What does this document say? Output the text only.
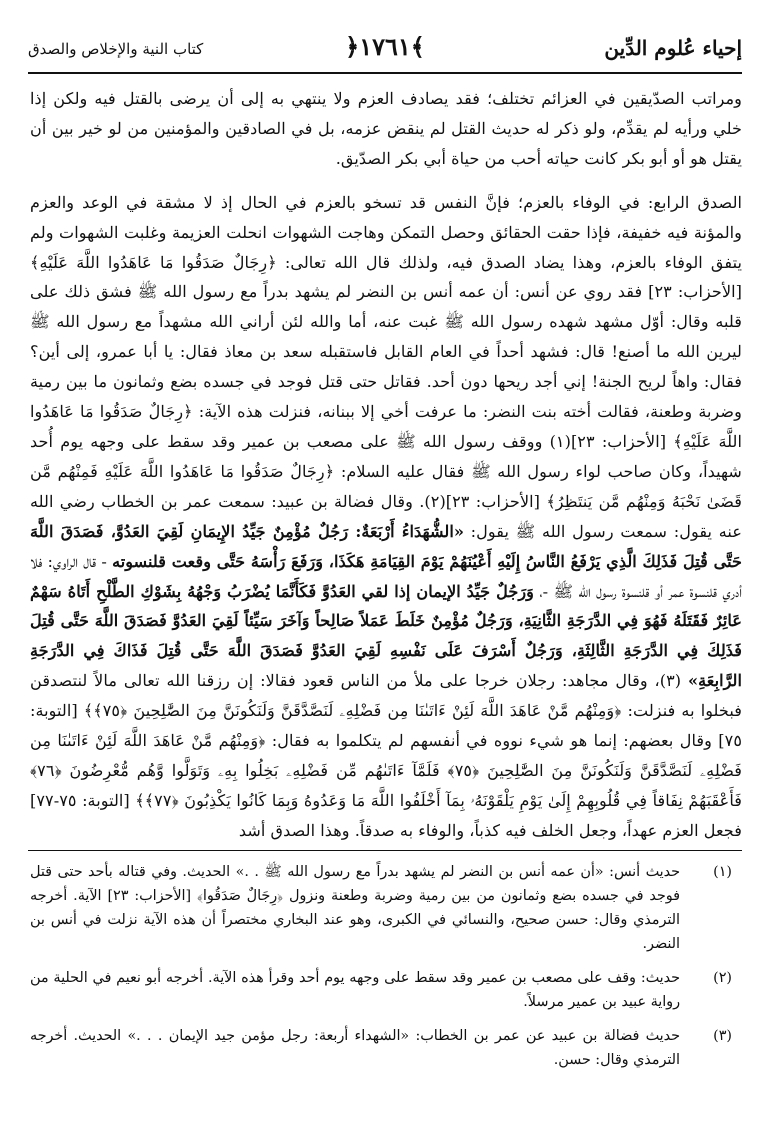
إحياء عُلوم الدِّين
﴿١٧٦١﴾
كتاب النية والإخلاص والصدق

ومراتب الصدّيقين في العزائم تختلف؛ فقد يصادف العزم ولا ينتهي به إلى أن يرضى بالقتل فيه ولكن إذا خلي ورأيه لم يقدِّم، ولو ذكر له حديث القتل لم ينقض عزمه، بل في الصادقين والمؤمنين من لو خير بين أن يقتل هو أو أبو بكر كانت حياته أحب من حياة أبي بكر الصدّيق.

الصدق الرابع: في الوفاء بالعزم؛ فإنَّ النفس قد تسخو بالعزم في الحال إذ لا مشقة في الوعد والعزم والمؤنة فيه خفيفة، فإذا حقت الحقائق وحصل التمكن وهاجت الشهوات انحلت العزيمة وغلبت الشهوات ولم يتفق الوفاء بالعزم، وهذا يضاد الصدق فيه، ولذلك قال الله تعالى: ﴿رِجَالٌ صَدَقُوا مَا عَاهَدُوا اللَّهَ عَلَيْهِ﴾ [الأحزاب: ٢٣] فقد روي عن أنس: أن عمه أنس بن النضر لم يشهد بدراً مع رسول الله ﷺ فشق ذلك على قلبه وقال: أوّل مشهد شهده رسول الله ﷺ غبت عنه، أما والله لئن أراني الله مشهداً مع رسول الله ﷺ ليرين الله ما أصنع! قال: فشهد أحداً في العام القابل فاستقبله سعد بن معاذ فقال: يا أبا عمرو، إلى أين؟ فقال: واهاً لريح الجنة! إني أجد ريحها دون أحد. فقاتل حتى قتل فوجد في جسده بضع وثمانون ما بين رمية وضربة وطعنة، فقالت أخته بنت النضر: ما عرفت أخي إلا ببنانه، فنزلت هذه الآية: ﴿رِجَالٌ صَدَقُوا مَا عَاهَدُوا اللَّهَ عَلَيْهِ﴾ [الأحزاب: ٢٣](١) ووقف رسول الله ﷺ على مصعب بن عمير وقد سقط على وجهه يوم أُحد شهيداً، وكان صاحب لواء رسول الله ﷺ فقال عليه السلام: ﴿رِجَالٌ صَدَقُوا مَا عَاهَدُوا اللَّهَ عَلَيْهِ فَمِنْهُم مَّن قَضَىٰ نَحْبَهُ وَمِنْهُم مَّن يَنتَظِرُ﴾ [الأحزاب: ٢٣](٢). وقال فضالة بن عبيد: سمعت عمر بن الخطاب رضي الله عنه يقول: سمعت رسول الله ﷺ يقول: «الشُّهَدَاءُ أَرْبَعَةٌ: رَجُلٌ مُؤْمِنٌ جَيِّدُ الإِيمَانِ لَقِيَ العَدُوَّ، فَصَدَقَ اللَّهَ حَتَّى قُتِلَ فَذَلِكَ الَّذِي يَرْفَعُ النَّاسُ إِلَيْهِ أَعْيُنَهُمْ يَوْمَ القِيَامَةِ هَكَذَا، وَرَفَعَ رَأْسَهُ حَتَّى وقعت قلنسوته - قال الراوي: فلا أدري قلنسوة عمر أو قلنسوة رسول الله ﷺ -، وَرَجُلٌ جَيِّدُ الإيمان إذا لقي العَدُوَّ فَكَأَنَّمَا يُضْرَبُ وَجْهُهُ بِشَوْكِ الطَّلْحِ أَتَاهُ سَهْمٌ عَائِرٌ فَقَتَلَهُ فَهُوَ فِي الدَّرَجَةِ الثَّانِيَةِ، وَرَجُلٌ مُؤْمِنٌ خَلَطَ عَمَلاً صَالِحاً وَآخَرَ سَيِّئاً لَقِيَ العَدُوَّ فَصَدَقَ اللَّهَ حَتَّى قُتِلَ فَذَلِكَ فِي الدَّرَجَةِ الثَّالِثَةِ، وَرَجُلٌ أَسْرَفَ عَلَى نَفْسِهِ لَقِيَ العَدُوَّ فَصَدَقَ اللَّهَ حَتَّى قُتِلَ فَذَاكَ فِي الدَّرَجَةِ الرَّابِعَةِ» (٣)، وقال مجاهد: رجلان خرجا على ملأ من الناس قعود فقالا: إن رزقنا الله تعالى مالاً لنتصدقن فبخلوا به فنزلت: ﴿وَمِنْهُم مَّنْ عَاهَدَ اللَّهَ لَئِنْ ءَاتَىٰنَا مِن فَضْلِهِۦ لَنَصَّدَّقَنَّ وَلَنَكُونَنَّ مِنَ الصَّٰلِحِينَ ﴿٧٥﴾﴾ [التوبة: ٧٥] وقال بعضهم: إنما هو شيء نووه في أنفسهم لم يتكلموا به فقال: ﴿وَمِنْهُم مَّنْ عَاهَدَ اللَّهَ لَئِنْ ءَاتَىٰنَا مِن فَضْلِهِۦ لَنَصَّدَّقَنَّ وَلَنَكُونَنَّ مِنَ الصَّٰلِحِينَ ﴿٧٥﴾ فَلَمَّآ ءَاتَىٰهُم مِّن فَضْلِهِۦ بَخِلُوا بِهِۦ وَتَوَلَّوا وَّهُم مُّعْرِضُونَ ﴿٧٦﴾ فَأَعْقَبَهُمْ نِفَاقاً فِي قُلُوبِهِمْ إِلَىٰ يَوْمِ يَلْقَوْنَهُۥ بِمَآ أَخْلَفُوا اللَّهَ مَا وَعَدُوهُ وَبِمَا كَانُوا يَكْذِبُونَ ﴿٧٧﴾﴾ [التوبة: ٧٥-٧٧] فجعل العزم عهداً، وجعل الخلف فيه كذباً، والوفاء به صدقاً. وهذا الصدق أشد

(١)
حديث أنس: «أن عمه أنس بن النضر لم يشهد بدراً مع رسول الله ﷺ . .» الحديث. وفي قتاله بأحد حتى قتل فوجد في جسده بضع وثمانون من بين رمية وضربة وطعنة ونزول ﴿رِجَالٌ صَدَقُوا﴾ [الأحزاب: ٢٣] الآية. أخرجه الترمذي وقال: حسن صحيح، والنسائي في الكبرى، وهو عند البخاري مختصراً أن هذه الآية نزلت في أنس بن النضر.
(٢)
حديث: وقف على مصعب بن عمير وقد سقط على وجهه يوم أحد وقرأ هذه الآية. أخرجه أبو نعيم في الحلية من رواية عبيد بن عمير مرسلاً.
(٣)
حديث فضالة بن عبيد عن عمر بن الخطاب: «الشهداء أربعة: رجل مؤمن جيد الإيمان . . .» الحديث. أخرجه الترمذي وقال: حسن.
